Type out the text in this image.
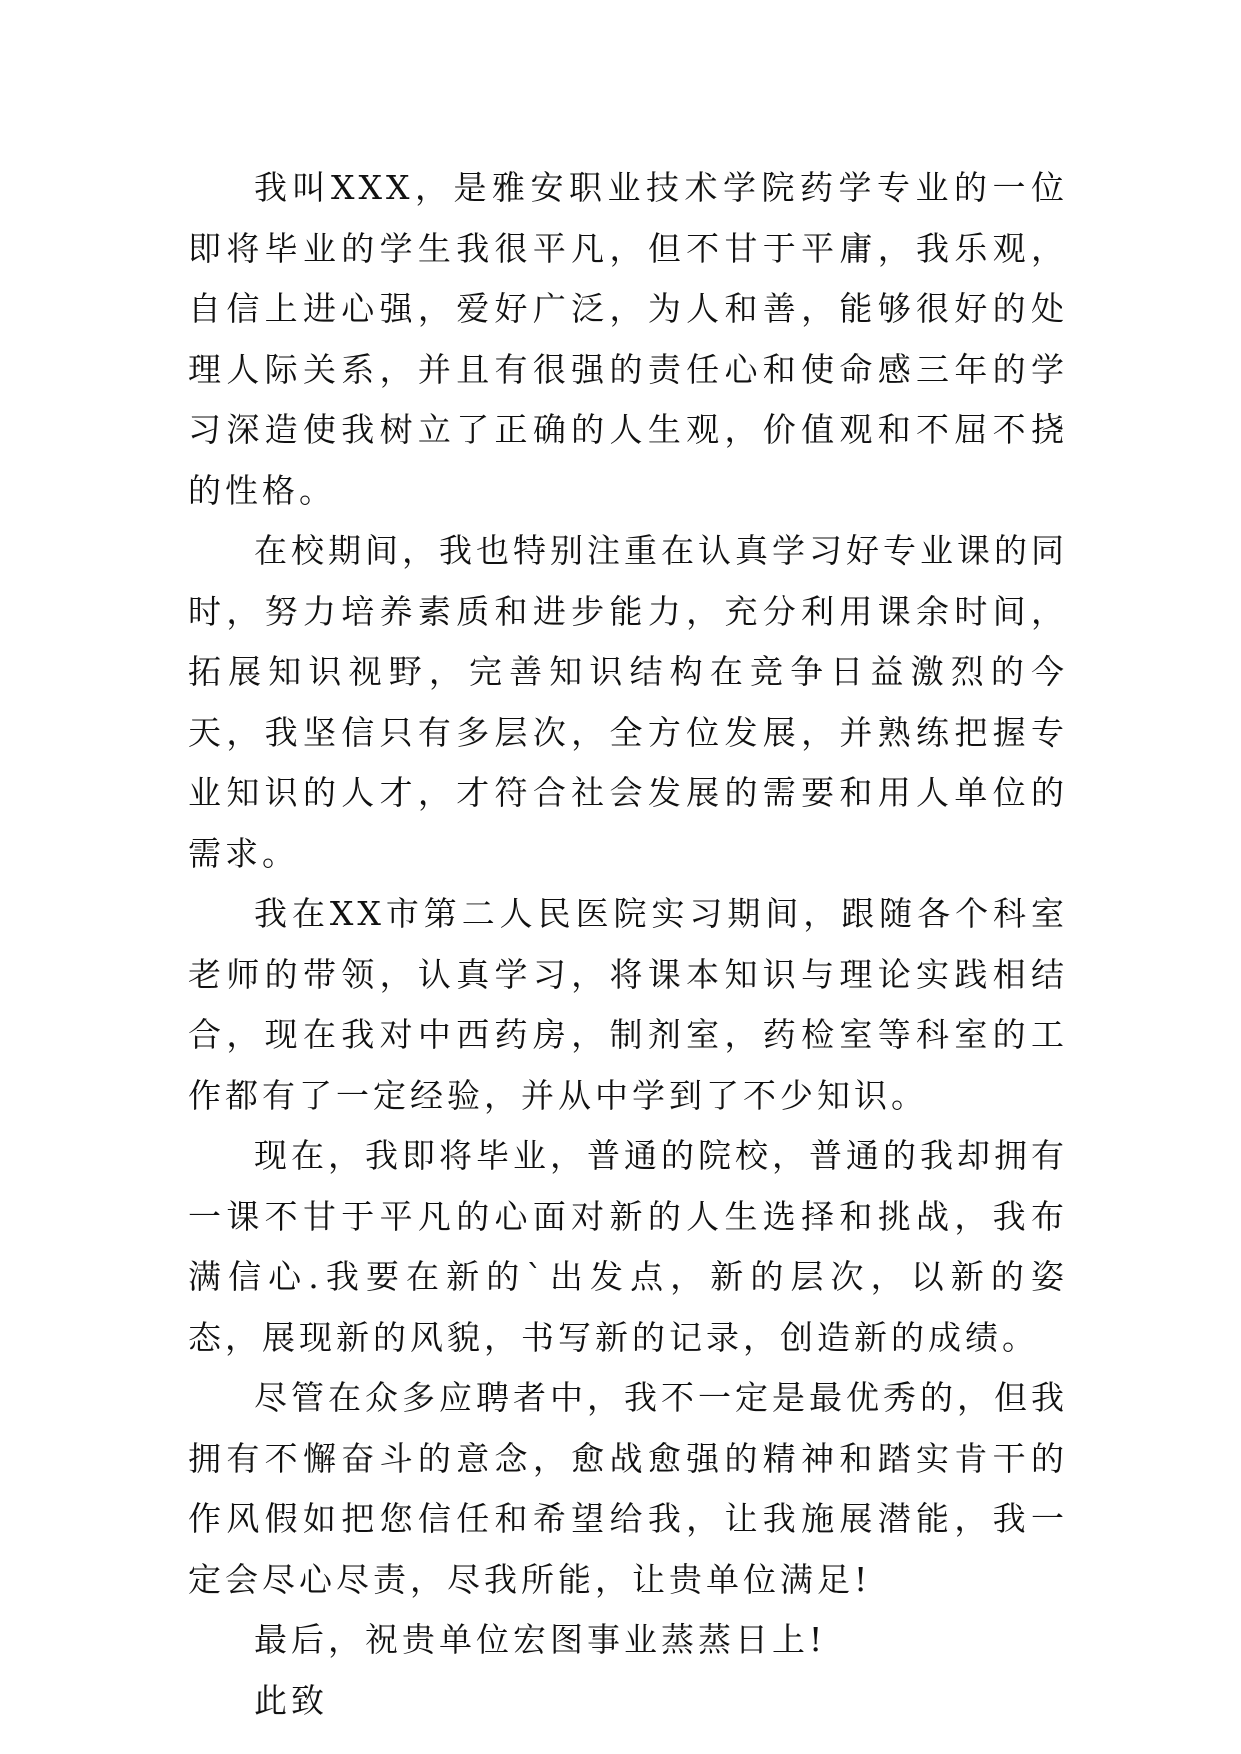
我叫XXX，是雅安职业技术学院药学专业的一位即将毕业的学生我很平凡，但不甘于平庸，我乐观，自信上进心强，爱好广泛，为人和善，能够很好的处理人际关系，并且有很强的责任心和使命感三年的学习深造使我树立了正确的人生观，价值观和不屈不挠的性格。

在校期间，我也特别注重在认真学习好专业课的同时，努力培养素质和进步能力，充分利用课余时间，拓展知识视野，完善知识结构在竞争日益激烈的今天，我坚信只有多层次，全方位发展，并熟练把握专业知识的人才，才符合社会发展的需要和用人单位的需求。

我在XX市第二人民医院实习期间，跟随各个科室老师的带领，认真学习，将课本知识与理论实践相结合，现在我对中西药房，制剂室，药检室等科室的工作都有了一定经验，并从中学到了不少知识。

现在，我即将毕业，普通的院校，普通的我却拥有一课不甘于平凡的心面对新的人生选择和挑战，我布满信心.我要在新的`出发点，新的层次，以新的姿态，展现新的风貌，书写新的记录，创造新的成绩。

尽管在众多应聘者中，我不一定是最优秀的，但我拥有不懈奋斗的意念，愈战愈强的精神和踏实肯干的作风假如把您信任和希望给我，让我施展潜能，我一定会尽心尽责，尽我所能，让贵单位满足!

最后，祝贵单位宏图事业蒸蒸日上!

此致
